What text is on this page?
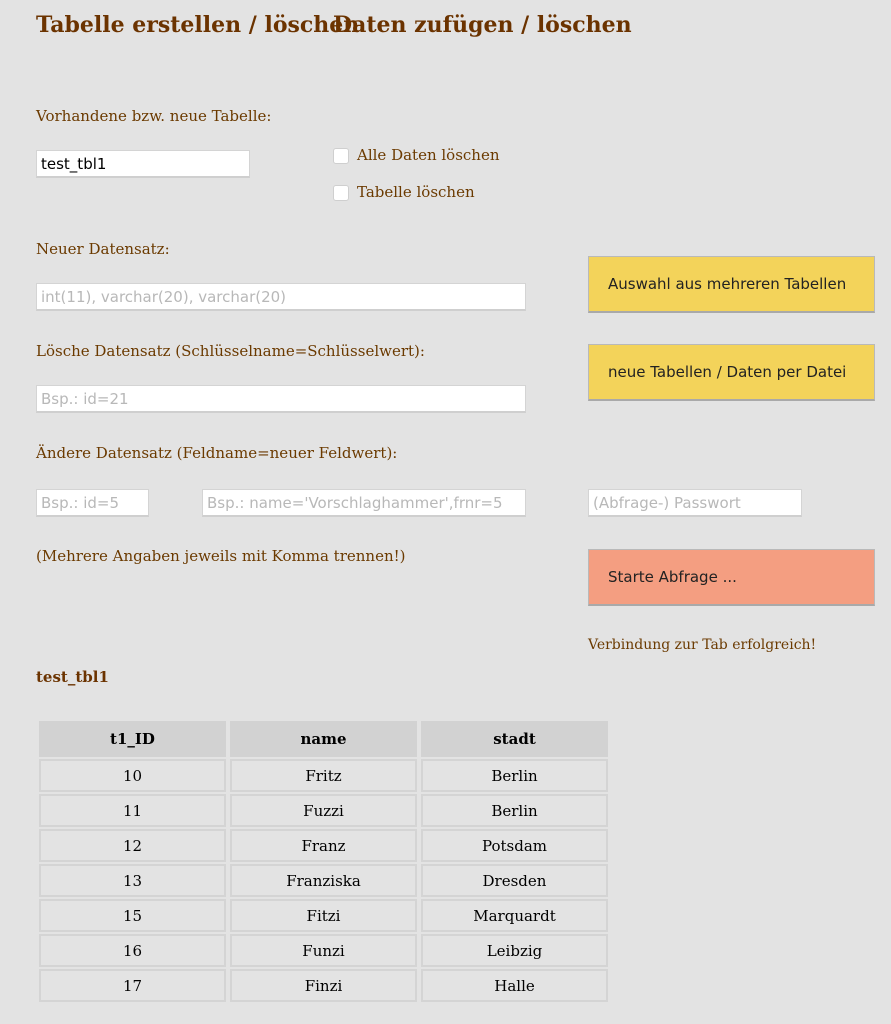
Tabelle erstellen / löschen
Daten zufügen / löschen
Vorhandene bzw. neue Tabelle:
test_tbl1
Alle Daten löschen
Tabelle löschen
Neuer Datensatz:
int(11), varchar(20), varchar(20)
Lösche Datensatz (Schlüsselname=Schlüsselwert):
Bsp.: id=21
Ändere Datensatz (Feldname=neuer Feldwert):
Bsp.: id=5
Bsp.: name='Vorschlaghammer',frnr=5
(Mehrere Angaben jeweils mit Komma trennen!)
Auswahl aus mehreren Tabellen
neue Tabellen / Daten per Datei
Starte Abfrage ...
Verbindung zur Tab erfolgreich!
test_tbl1
t1_ID	name	stadt
10	Fritz	Berlin
11	Fuzzi	Berlin
12	Franz	Potsdam
13	Franziska	Dresden
15	Fitzi	Marquardt
16	Funzi	Leibzig
17	Finzi	Halle
